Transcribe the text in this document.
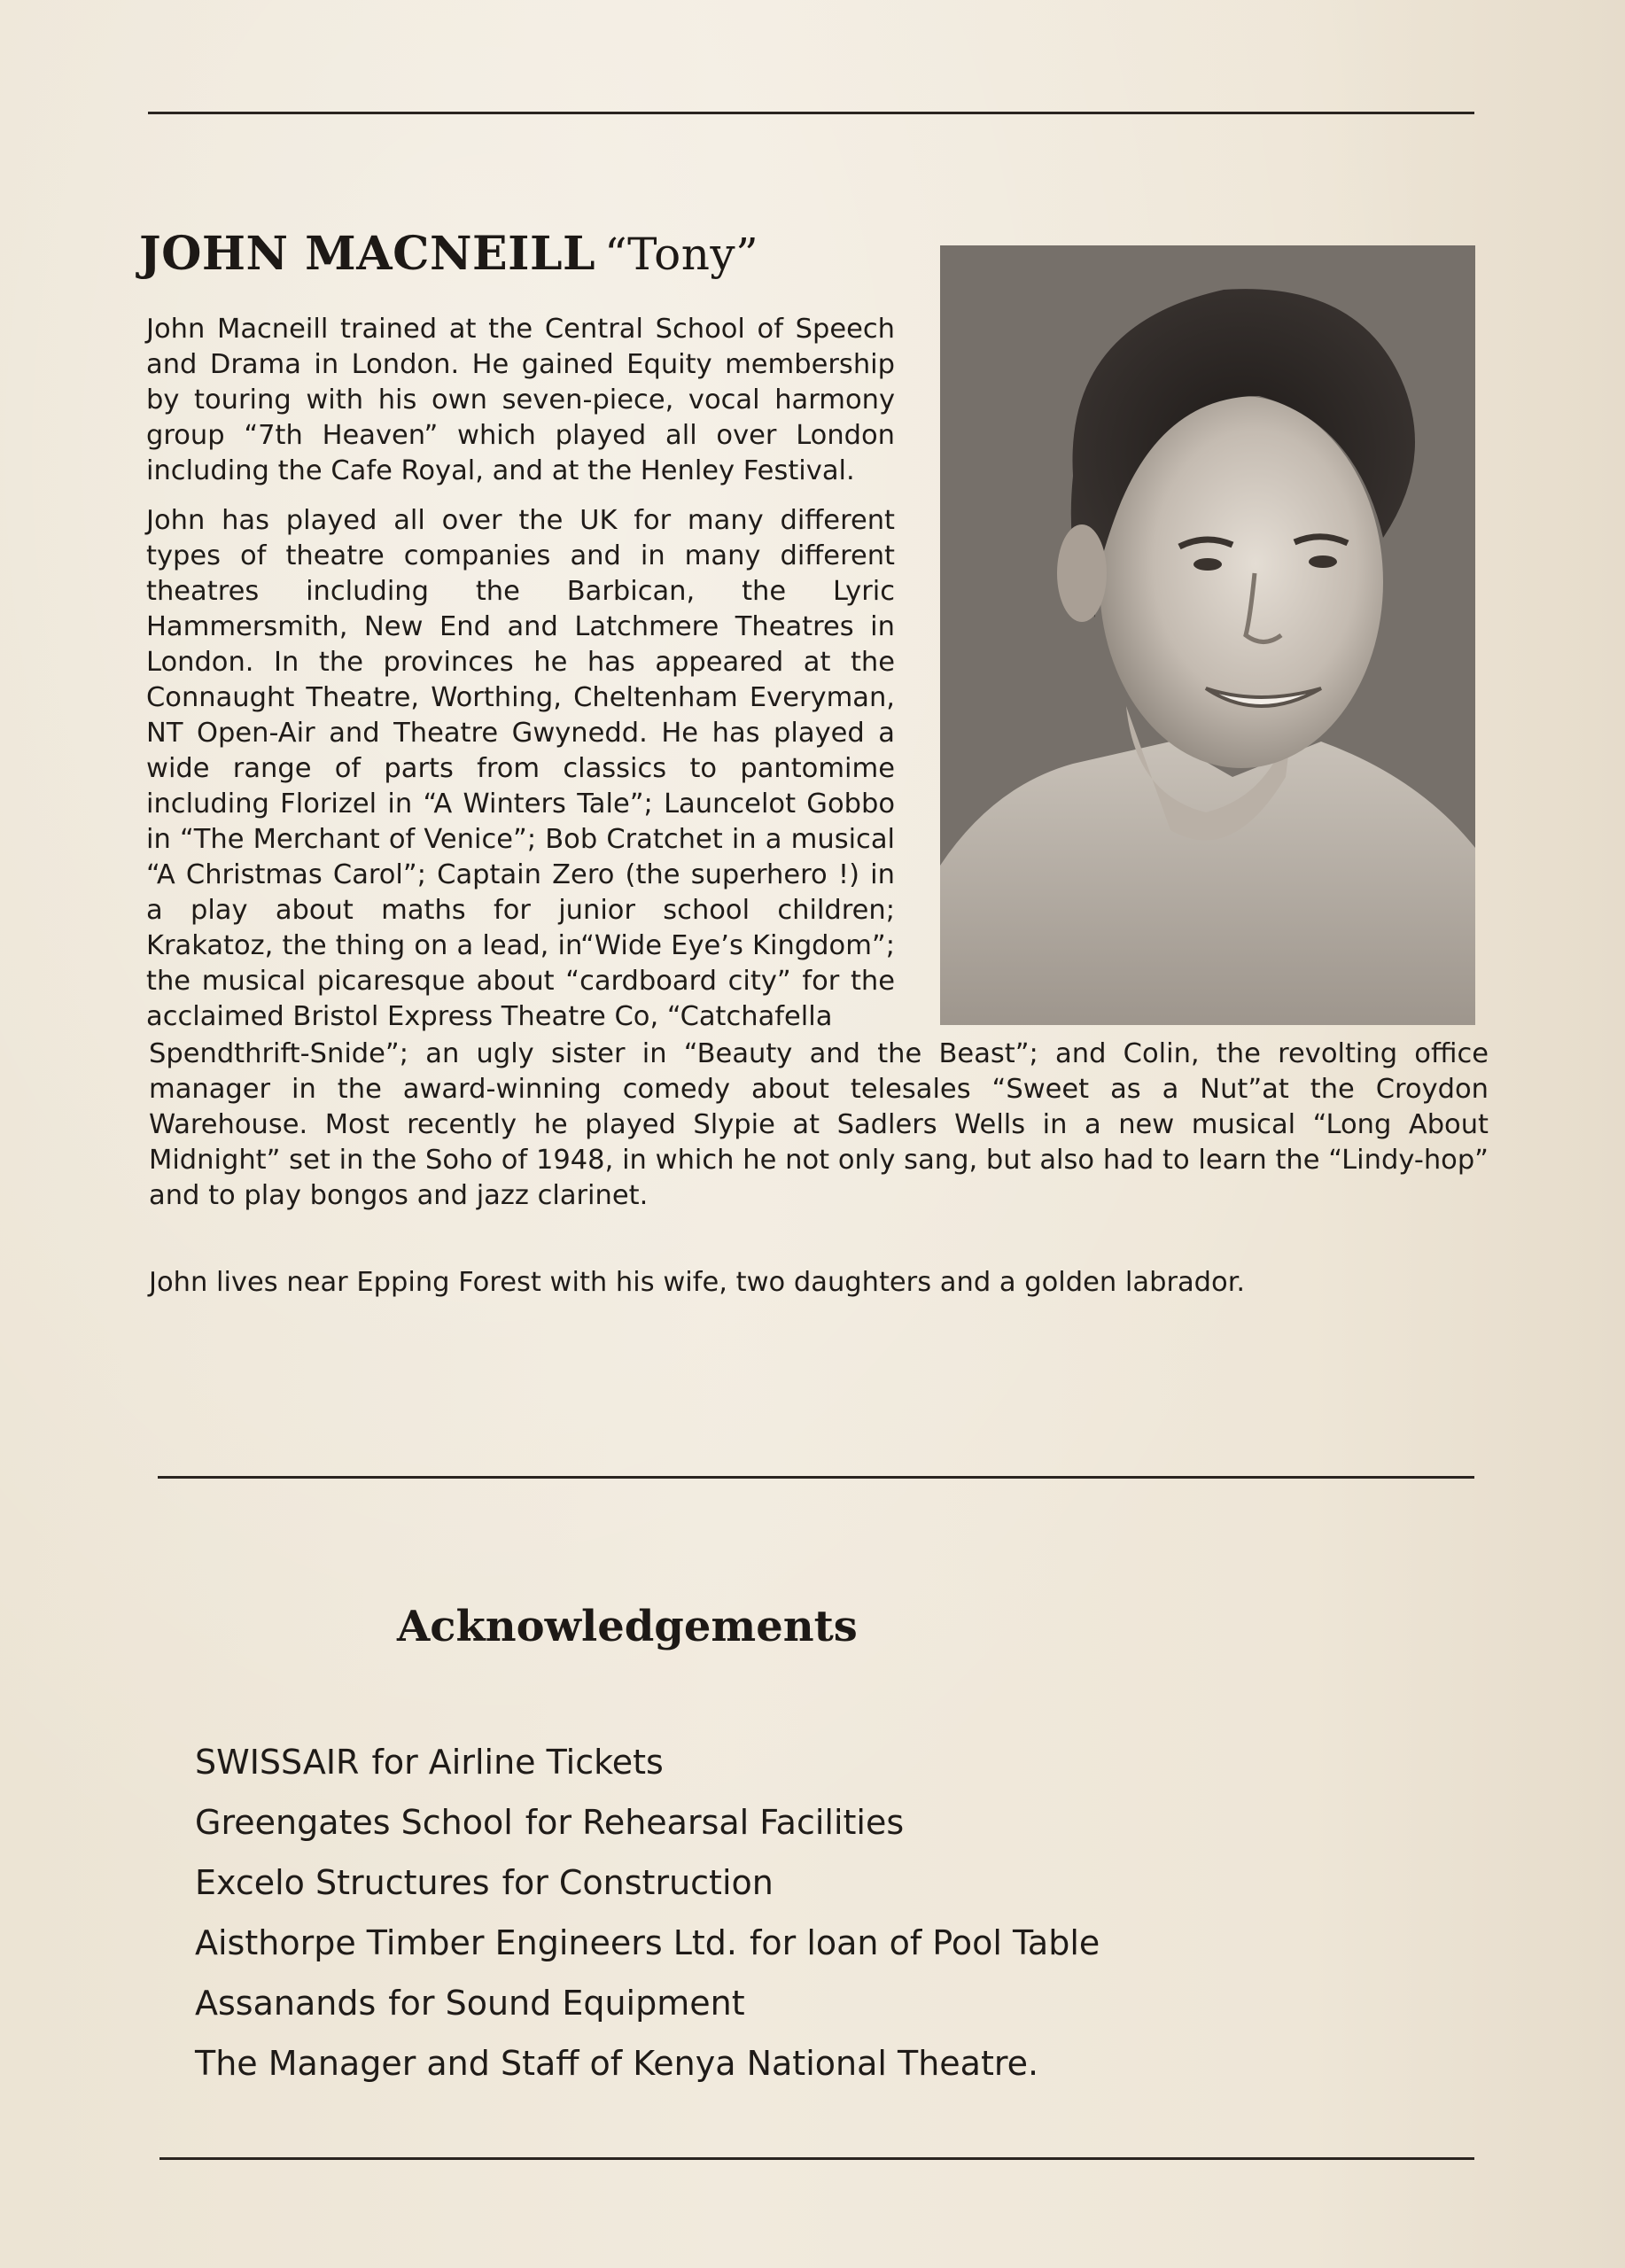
JOHN MACNEILL “Tony”

John Macneill trained at the Central School of Speech and Drama in London. He gained Equity membership by touring with his own seven-piece, vocal harmony group “7th Heaven” which played all over London including the Cafe Royal, and at the Henley Festival.

John has played all over the UK for many different types of theatre companies and in many different theatres including the Barbican, the Lyric Hammersmith, New End and Latchmere Theatres in London. In the provinces he has appeared at the Connaught Theatre, Worthing, Cheltenham Everyman, NT Open-Air and Theatre Gwynedd. He has played a wide range of parts from classics to pantomime including Florizel in “A Winters Tale”; Launcelot Gobbo in “The Merchant of Venice”; Bob Cratchet in a musical “A Christmas Carol”; Captain Zero (the superhero !) in a play about maths for junior school children; Krakatoz, the thing on a lead, in“Wide Eye’s Kingdom”; the musical picaresque about “cardboard city” for the acclaimed Bristol Express Theatre Co, “Catchafella

Spendthrift-Snide”; an ugly sister in “Beauty and the Beast”; and Colin, the revolting office manager in the award-winning comedy about telesales “Sweet as a Nut”at the Croydon Warehouse. Most recently he played Slypie at Sadlers Wells in a new musical “Long About Midnight” set in the Soho of 1948, in which he not only sang, but also had to learn the “Lindy-hop” and to play bongos and jazz clarinet.

John lives near Epping Forest with his wife, two daughters and a golden labrador.

Acknowledgements
SWISSAIR for Airline Tickets
Greengates School for Rehearsal Facilities
Excelo Structures for Construction
Aisthorpe Timber Engineers Ltd. for loan of Pool Table
Assanands for Sound Equipment
The Manager and Staff of Kenya National Theatre.
